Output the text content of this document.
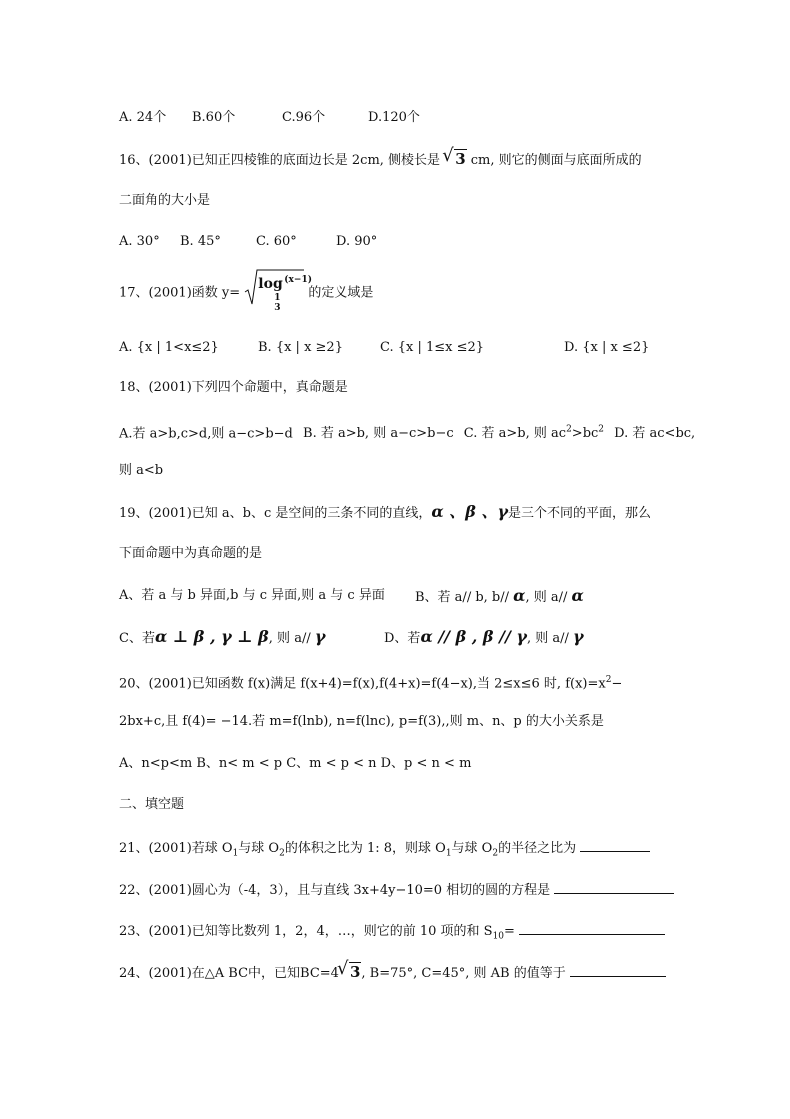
A. 24个 B.60个	C.96个	D.120个
16、(2001)已知正四棱锥的底面边长是 2cm, 侧棱长是 √ 3 cm, 则它的侧面与底面所成的
二面角的大小是
A. 30° B. 45°	C. 60°	D. 90°
17、(2001)函数 y=
log
1
3
(x−1)
的定义域是
A. {x | 1<x≤2}	B. {x | x ≥2}	C. {x | 1≤x ≤2}	D. {x | x ≤2}
18、(2001)下列四个命题中，真命题是
A.若 a>b,c>d,则 a−c>b−d B. 若 a>b, 则 a−c>b−c C. 若 a>b, 则 $ac^2>bc^2$ D. 若 ac<bc,
则 a<b
19、(2001)已知 a、b、c 是空间的三条不同的直线，α 、β 、γ是三个不同的平面，那么
下面命题中为真命题的是
A、若 a 与 b 异面,b 与 c 异面,则 a 与 c 异面 B、若 a// b, b// α, 则 a// α
C、若α ⊥ β , γ ⊥ β, 则 a// γ	D、若α // β , β // γ, 则 a// γ
20、(2001)已知函数 f(x)满足 f(x+4)=f(x),f(4+x)=f(4−x),当 2≤x≤6 时, $f(x)=x^2-$
2bx+c,且 f(4)= −14.若 m=f(lnb), n=f(lnc), p=f(3),,则 m、n、p 的大小关系是
A、n<p<m B、n< m < p C、m < p < n D、p < n < m
二、填空题
21、(2001)若球 $O_1$与球 $O_2$的体积之比为 1: 8，则球 $O_1$与球 $O_2$的半径之比为
22、(2001)圆心为（-4，3），且与直线 3x+4y−10=0 相切的圆的方程是
23、(2001)已知等比数列 1，2，4，…，则它的前 10 项的和 $S_{10}=$
24、(2001)在△A BC中，已知BC=4 √ 3, B=75°, C=45°, 则 AB 的值等于
